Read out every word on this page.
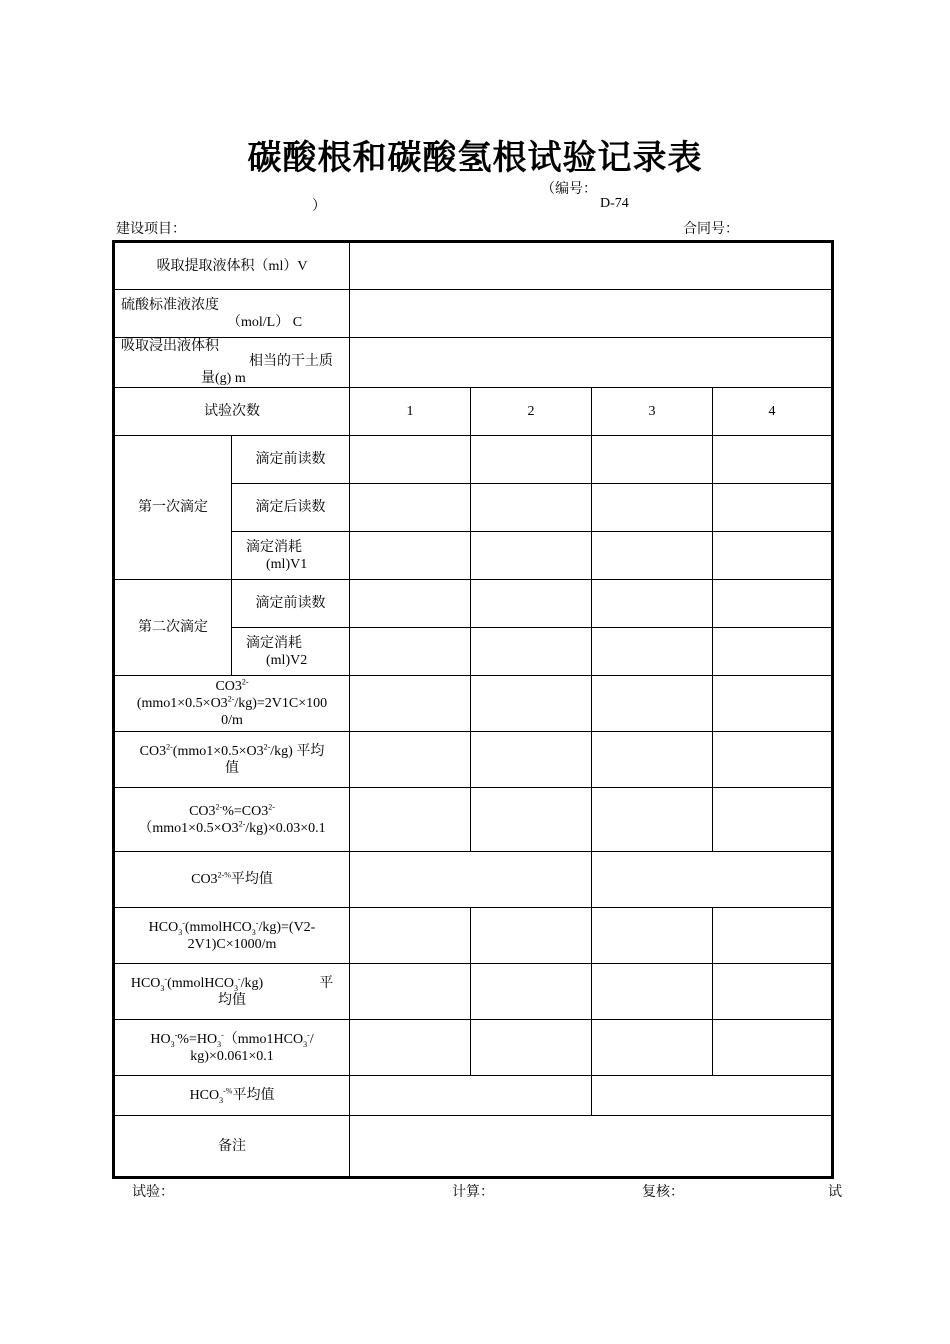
碳酸根和碳酸氢根试验记录表
（编号：
）	D-74
建设项目：	合同号：
吸取提取液体积（ml）V					

硫酸标准液浓度
（mol/L） C					

吸取浸出液体积
相当的干土质
量(g) m					

试验次数		1	2	3	4
第一次滴定	滴定前读数				
	滴定后读数				

	滴定消耗
(ml)V1				

第二次滴定	滴定前读数				

	滴定消耗
(ml)V2				

$CO3^{2-}$
$(mmo1\times 0.5\times O3^{2-}/kg)=2V1C\times 100$
0/m					
$CO3^{2-}(mmo1\times 0.5\times O3^{2-}/kg)$ 平均
值					
$CO3^{2-}\%=CO3^{2-}$
$(mmo1\times 0.5\times O3^{2-}/kg)\times 0.03\times 0.1$					
$CO3^{2-\%}$平均值					
$HCO_3^-(mmolHCO_3^-/kg)=(V2-$
2V1)C×1000/m					
$HCO_3^-(mmolHCO_3^-/kg)$ 平
均值					
$HO_3^-\%=HO_3^-(mmo1HCO_3^-/$
kg)×0.061×0.1					
$HCO_3^{-\%}$平均值					
备注					
试验：	计算：	复核：	试
